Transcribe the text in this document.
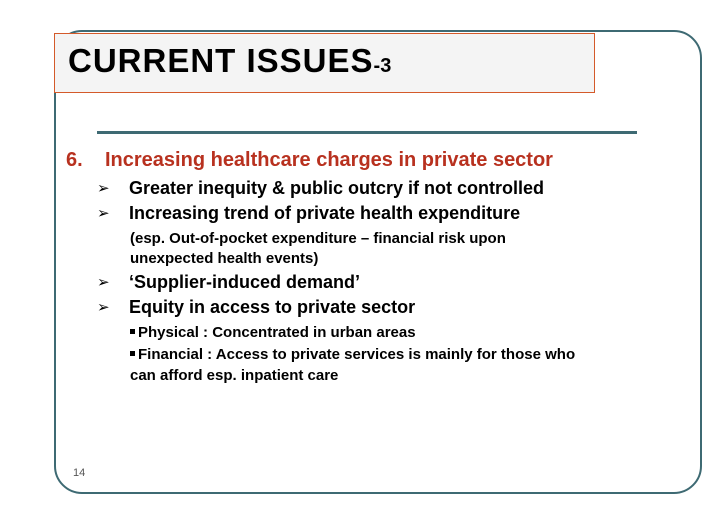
CURRENT ISSUES-3
6. Increasing healthcare charges in private sector
➢ Greater inequity & public outcry if not controlled
➢ Increasing trend of private health expenditure
(esp. Out-of-pocket expenditure – financial risk upon
unexpected health events)
➢ ‘Supplier-induced demand’
➢ Equity in access to private sector
Physical : Concentrated in urban areas
Financial : Access to private services is mainly for those who
can afford esp. inpatient care
14
